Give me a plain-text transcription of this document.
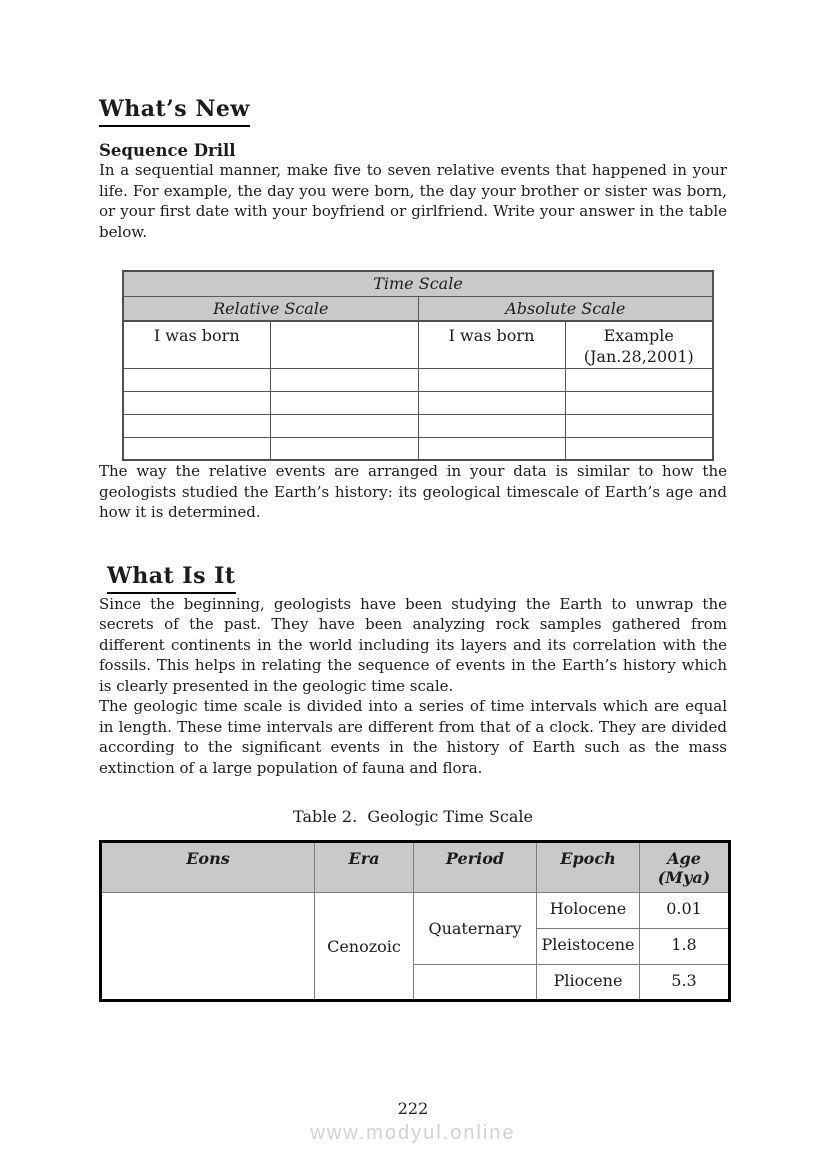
What’s New
Sequence Drill

In a sequential manner, make five to seven relative events that happened in your life. For example, the day you were born, the day your brother or sister was born, or your first date with your boyfriend or girlfriend. Write your answer in the table below.

Time Scale			
Relative Scale		Absolute Scale	
I was born		I was born	Example
(Jan.28,2001)

The way the relative events are arranged in your data is similar to how the geologists studied the Earth’s history: its geological timescale of Earth’s age and how it is determined.

What Is It

Since the beginning, geologists have been studying the Earth to unwrap the secrets of the past. They have been analyzing rock samples gathered from different continents in the world including its layers and its correlation with the fossils. This helps in relating the sequence of events in the Earth’s history which is clearly presented in the geologic time scale.

The geologic time scale is divided into a series of time intervals which are equal in length. These time intervals are different from that of a clock. They are divided according to the significant events in the history of Earth such as the mass extinction of a large population of fauna and flora.

Table 2.  Geologic Time Scale

Eons	Era	Period	Epoch	Age (Mya)
	Cenozoic	Quaternary	Holocene	0.01
			Pleistocene	1.8
			Pliocene	5.3
222
www.modyul.online
